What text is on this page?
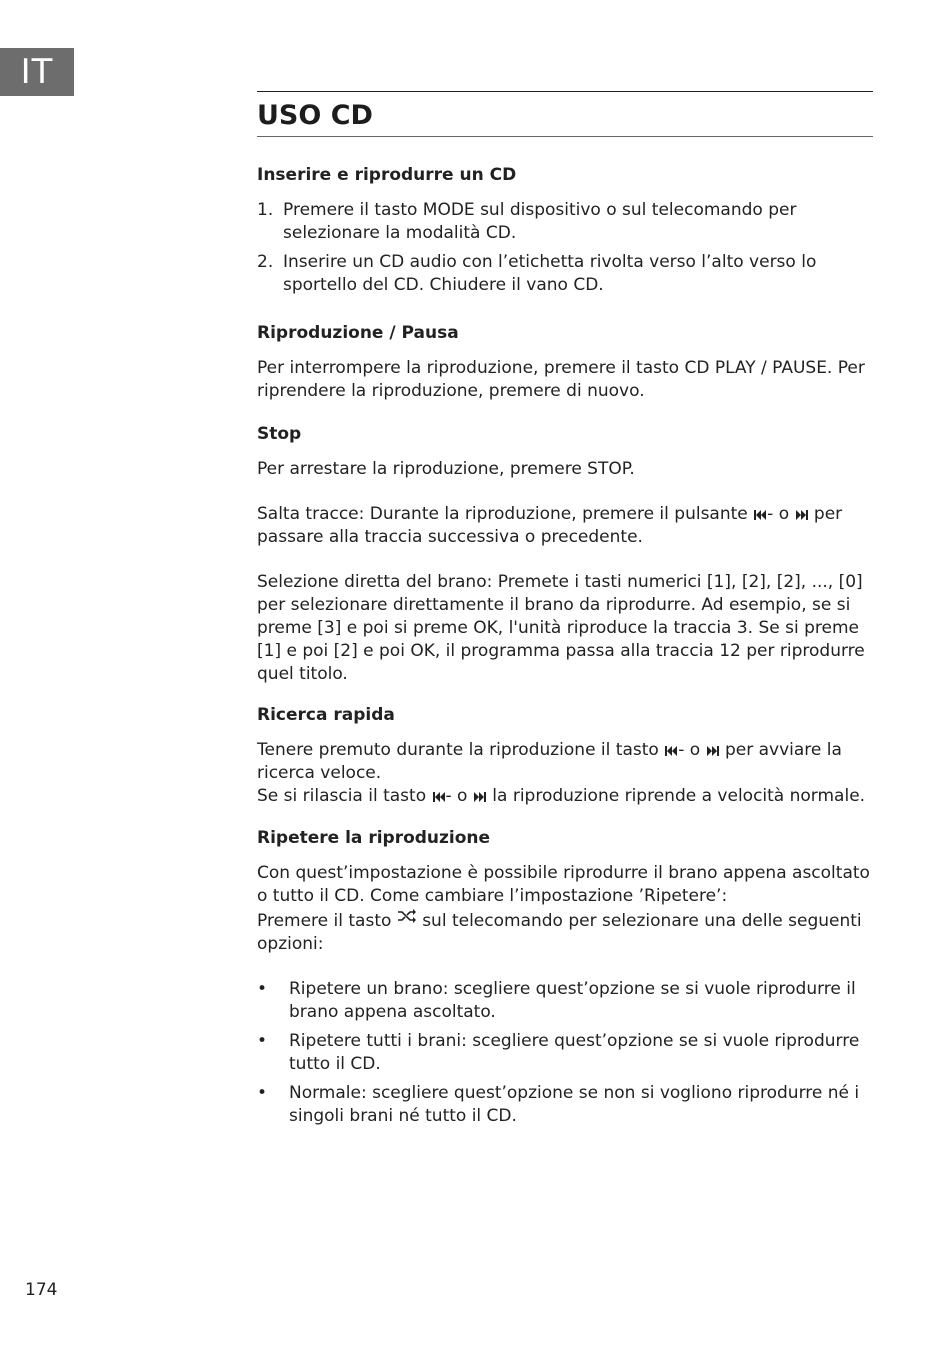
IT
USO CD
Inserire e riprodurre un CD
1. Premere il tasto MODE sul dispositivo o sul telecomando per selezionare la modalità CD.
2. Inserire un CD audio con l’etichetta rivolta verso l’alto verso lo sportello del CD. Chiudere il vano CD.
Riproduzione / Pausa

Per interrompere la riproduzione, premere il tasto CD PLAY / PAUSE. Per riprendere la riproduzione, premere di nuovo.

Stop

Per arrestare la riproduzione, premere STOP.

Salta tracce: Durante la riproduzione, premere il pulsante - o per passare alla traccia successiva o precedente.

Selezione diretta del brano: Premete i tasti numerici [1], [2], [2], ..., [0] per selezionare direttamente il brano da riprodurre. Ad esempio, se si preme [3] e poi si preme OK, l'unità riproduce la traccia 3. Se si preme [1] e poi [2] e poi OK, il programma passa alla traccia 12 per riprodurre quel titolo.

Ricerca rapida

Tenere premuto durante la riproduzione il tasto - o per avviare la ricerca veloce.
Se si rilascia il tasto - o la riproduzione riprende a velocità normale.

Ripetere la riproduzione

Con quest’impostazione è possibile riprodurre il brano appena ascoltato o tutto il CD. Come cambiare l’impostazione ’Ripetere’:
Premere il tasto sul telecomando per selezionare una delle seguenti opzioni:

• Ripetere un brano: scegliere quest’opzione se si vuole riprodurre il brano appena ascoltato.
• Ripetere tutti i brani: scegliere quest’opzione se si vuole riprodurre tutto il CD.
• Normale: scegliere quest’opzione se non si vogliono riprodurre né i singoli brani né tutto il CD.
174
